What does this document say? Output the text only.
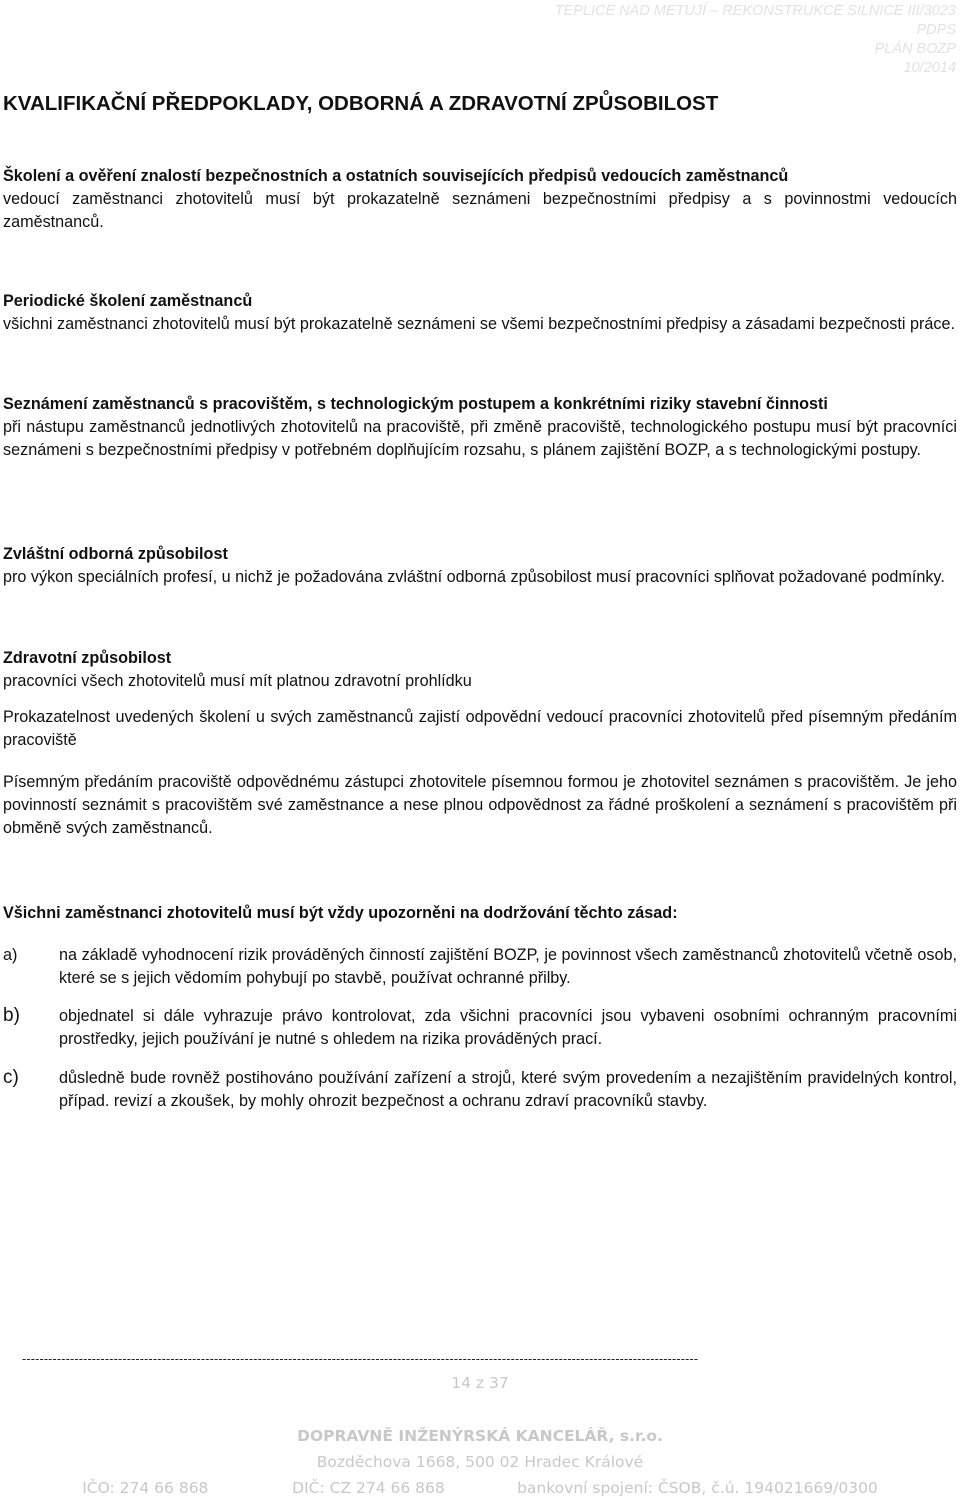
TEPLICE NAD METUJÍ – REKONSTRUKCE SILNICE III/3023
PDPS
PLÁN BOZP
10/2014
KVALIFIKAČNÍ PŘEDPOKLADY, ODBORNÁ A ZDRAVOTNÍ ZPŮSOBILOST
Školení a ověření znalostí bezpečnostních a ostatních souvisejících předpisů vedoucích zaměstnanců

vedoucí zaměstnanci zhotovitelů musí být prokazatelně seznámeni bezpečnostními předpisy a s povinnostmi vedoucích zaměstnanců.

Periodické školení zaměstnanců

všichni zaměstnanci zhotovitelů musí být prokazatelně seznámeni se všemi bezpečnostními předpisy a zásadami bezpečnosti práce.

Seznámení zaměstnanců s pracovištěm, s technologickým postupem a konkrétními riziky stavební činnosti

při nástupu zaměstnanců jednotlivých zhotovitelů na pracoviště, při změně pracoviště, technologického postupu musí být pracovníci seznámeni s bezpečnostními předpisy v potřebném doplňujícím rozsahu, s plánem zajištění BOZP, a s technologickými postupy.

Zvláštní odborná způsobilost

pro výkon speciálních profesí, u nichž je požadována zvláštní odborná způsobilost musí pracovníci splňovat požadované podmínky.

Zdravotní způsobilost

pracovníci všech zhotovitelů musí mít platnou zdravotní prohlídku

Prokazatelnost uvedených školení u svých zaměstnanců zajistí odpovědní vedoucí pracovníci zhotovitelů před písemným předáním pracoviště

Písemným předáním pracoviště odpovědnému zástupci zhotovitele písemnou formou je zhotovitel seznámen s pracovištěm. Je jeho povinností seznámit s pracovištěm své zaměstnance a nese plnou odpovědnost za řádné proškolení a seznámení s pracovištěm při obměně svých zaměstnanců.

Všichni zaměstnanci zhotovitelů musí být vždy upozorněni na dodržování těchto zásad:

a)	na základě vyhodnocení rizik prováděných činností zajištění BOZP, je povinnost všech zaměstnanců zhotovitelů včetně osob, které se s jejich vědomím pohybují po stavbě, používat ochranné přilby.
b)	objednatel si dále vyhrazuje právo kontrolovat, zda všichni pracovníci jsou vybaveni osobními ochranným pracovními prostředky, jejich používání je nutné s ohledem na rizika prováděných prací.
c)	důsledně bude rovněž postihováno používání zařízení a strojů, které svým provedením a nezajištěním pravidelných kontrol, případ. revizí a zkoušek, by mohly ohrozit bezpečnost a ochranu zdraví pracovníků stavby.
-----------------------------------------------------------------------------------------------------------------------------------------------------------
14 z 37
DOPRAVNĚ INŽENÝRSKÁ KANCELÁŘ, s.r.o.
Bozděchova 1668, 500 02 Hradec Králové
IČO: 274 66 868	DIČ: CZ 274 66 868	bankovní spojení: ČSOB, č.ú. 194021669/0300
